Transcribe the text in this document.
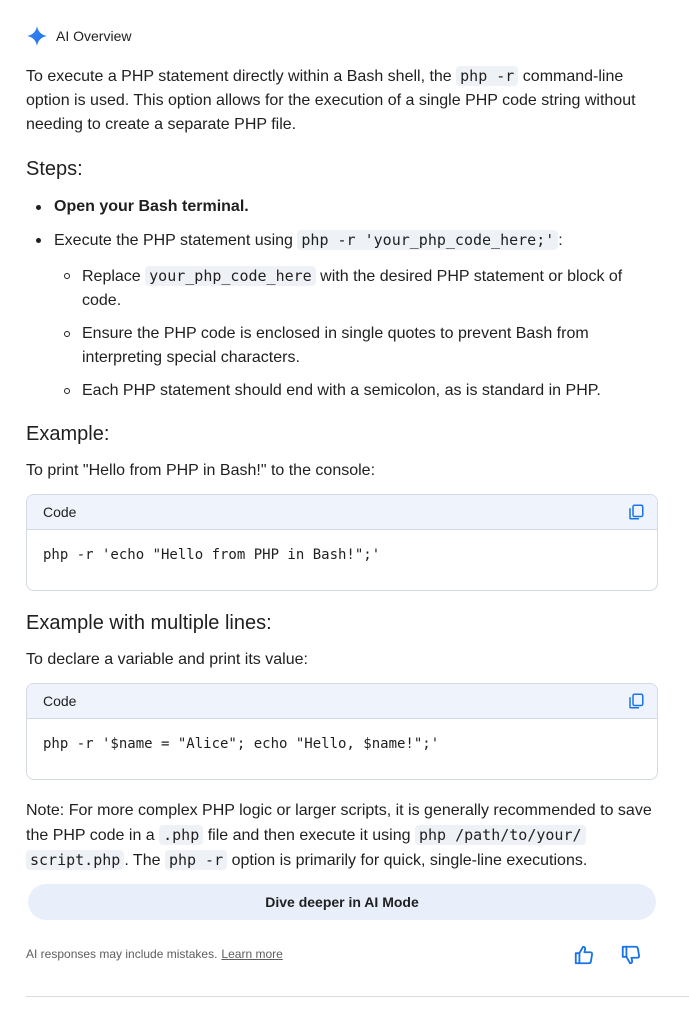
AI Overview
To execute a PHP statement directly within a Bash shell, the php -r command-line option is used. This option allows for the execution of a single PHP code string without needing to create a separate PHP file.
Steps:
Open your Bash terminal.
Execute the PHP statement using php -r 'your_php_code_here;' :
Replace your_php_code_here with the desired PHP statement or block of code.
Ensure the PHP code is enclosed in single quotes to prevent Bash from interpreting special characters.
Each PHP statement should end with a semicolon, as is standard in PHP.
Example:
To print "Hello from PHP in Bash!" to the console:
Code
php -r 'echo "Hello from PHP in Bash!";'
Example with multiple lines:
To declare a variable and print its value:
Code
php -r '$name = "Alice"; echo "Hello, $name!";'
Note: For more complex PHP logic or larger scripts, it is generally recommended to save the PHP code in a .php file and then execute it using php /path/to/your/ script.php . The php -r option is primarily for quick, single-line executions.
Dive deeper in AI Mode
AI responses may include mistakes. Learn more
